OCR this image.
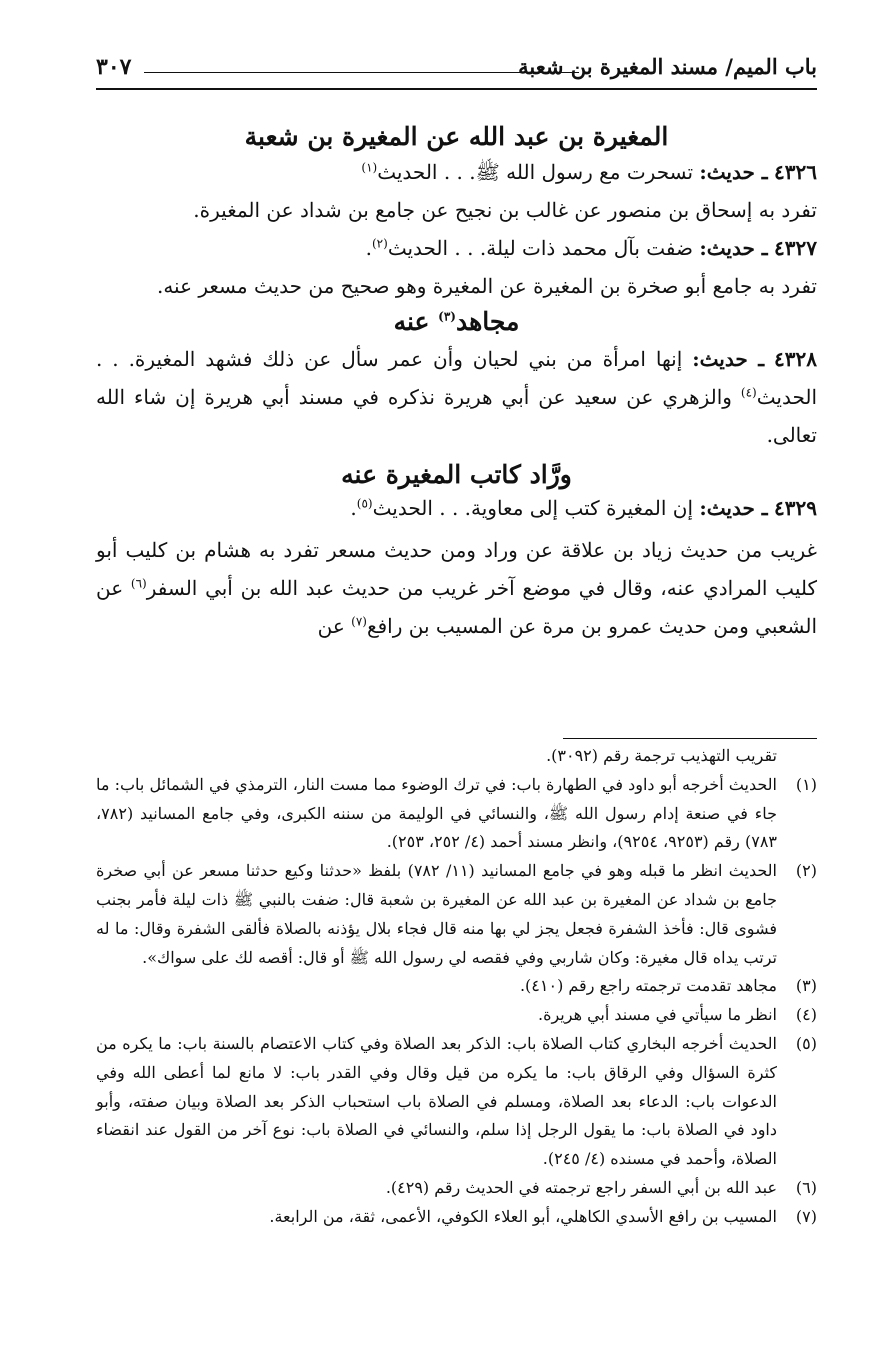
باب الميم/ مسند المغيرة بن شعبة
٣٠٧
المغيرة بن عبد الله عن المغيرة بن شعبة

٤٣٢٦ ـ حديث: تسحرت مع رسول الله ﷺ. . . الحديث$^{(١)}$

تفرد به إسحاق بن منصور عن غالب بن نجيح عن جامع بن شداد عن المغيرة.

٤٣٢٧ ـ حديث: ضفت بآل محمد ذات ليلة. . . الحديث$^{(٢)}$.

تفرد به جامع أبو صخرة بن المغيرة عن المغيرة وهو صحيح من حديث مسعر عنه.

مجاهد$^{(٣)}$ عنه

٤٣٢٨ ـ حديث: إنها امرأة من بني لحيان وأن عمر سأل عن ذلك فشهد المغيرة. . . الحديث$^{(٤)}$ والزهري عن سعيد عن أبي هريرة نذكره في مسند أبي هريرة إن شاء الله تعالى.

ورَّاد كاتب المغيرة عنه

٤٣٢٩ ـ حديث: إن المغيرة كتب إلى معاوية. . . الحديث$^{(٥)}$.

غريب من حديث زياد بن علاقة عن وراد ومن حديث مسعر تفرد به هشام بن كليب أبو كليب المرادي عنه، وقال في موضع آخر غريب من حديث عبد الله بن أبي السفر$^{(٦)}$ عن الشعبي ومن حديث عمرو بن مرة عن المسيب بن رافع$^{(٧)}$ عن

تقريب التهذيب ترجمة رقم (٣٠٩٢).
(١)
الحديث أخرجه أبو داود في الطهارة باب: في ترك الوضوء مما مست النار، الترمذي في الشمائل باب: ما جاء في صنعة إدام رسول الله ﷺ، والنسائي في الوليمة من سننه الكبرى، وفي جامع المسانيد (٧٨٢، ٧٨٣) رقم (٩٢٥٣، ٩٢٥٤)، وانظر مسند أحمد (٤/ ٢٥٢، ٢٥٣).
(٢)
الحديث انظر ما قبله وهو في جامع المسانيد (١١/ ٧٨٢) بلفظ «حدثنا وكيع حدثنا مسعر عن أبي صخرة جامع بن شداد عن المغيرة بن عبد الله عن المغيرة بن شعبة قال: ضفت بالنبي ﷺ ذات ليلة فأمر بجنب فشوى قال: فأخذ الشفرة فجعل يجز لي بها منه قال فجاء بلال يؤذنه بالصلاة فألقى الشفرة وقال: ما له ترتب يداه قال مغيرة: وكان شاربي وفي فقصه لي رسول الله ﷺ أو قال: أقصه لك على سواك».
(٣)
مجاهد تقدمت ترجمته راجع رقم (٤١٠).
(٤)
انظر ما سيأتي في مسند أبي هريرة.
(٥)
الحديث أخرجه البخاري كتاب الصلاة باب: الذكر بعد الصلاة وفي كتاب الاعتصام بالسنة باب: ما يكره من كثرة السؤال وفي الرقاق باب: ما يكره من قيل وقال وفي القدر باب: لا مانع لما أعطى الله وفي الدعوات باب: الدعاء بعد الصلاة، ومسلم في الصلاة باب استحباب الذكر بعد الصلاة وبيان صفته، وأبو داود في الصلاة باب: ما يقول الرجل إذا سلم، والنسائي في الصلاة باب: نوع آخر من القول عند انقضاء الصلاة، وأحمد في مسنده (٤/ ٢٤٥).
(٦)
عبد الله بن أبي السفر راجع ترجمته في الحديث رقم (٤٢٩).
(٧)
المسيب بن رافع الأسدي الكاهلي، أبو العلاء الكوفي، الأعمى، ثقة، من الرابعة.
